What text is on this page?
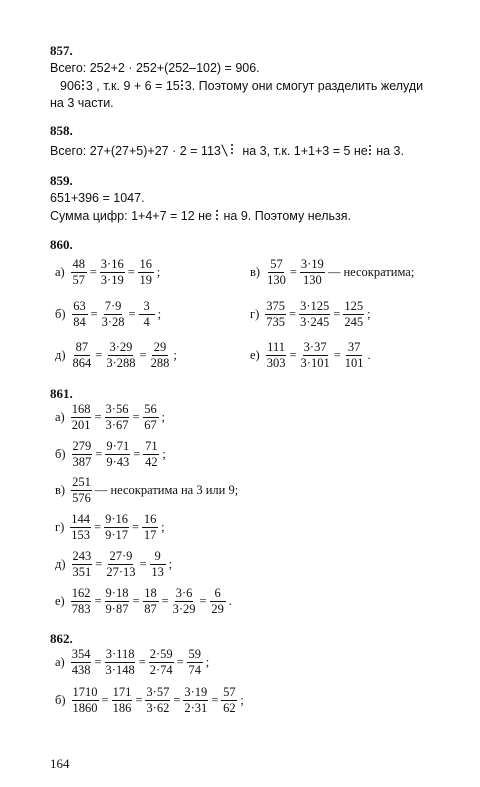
857.
Всего: 252+2 · 252+(252–102) = 906.
906 3 , т.к. 9 + 6 = 15 3. Поэтому они смогут разделить желуди
на 3 части.
858.
Всего: 27+(27+5)+27 · 2 = 113
на 3, т.к. 1+1+3 = 5 не
на 3.
859.
651+396 = 1047.
Сумма цифр: 1+4+7 = 12 не
на 9. Поэтому нельзя.
860.
$а) \frac{48}{57} = \frac{3\cdot 16}{3\cdot 19} = \frac{16}{19}$ ;
$б) \frac{63}{84} = \frac{7\cdot 9}{3\cdot 28} = \frac{3}{4}$ ;
$д) \frac{87}{864} = \frac{3\cdot 29}{3\cdot 288} = \frac{29}{288}$ ;
$в) \frac{57}{130} = \frac{3\cdot 19}{130}$ — несократима;
$г) \frac{375}{735} = \frac{3\cdot 125}{3\cdot 245} = \frac{125}{245}$ ;
$е) \frac{111}{303} = \frac{3\cdot 37}{3\cdot 101} = \frac{37}{101}$ .
861.
$а) \frac{168}{201} = \frac{3\cdot 56}{3\cdot 67} = \frac{56}{67}$ ;
$б) \frac{279}{387} = \frac{9\cdot 71}{9\cdot 43} = \frac{71}{42}$ ;
$в) \frac{251}{576}$ — несократима на 3 или 9;
$г) \frac{144}{153} = \frac{9\cdot 16}{9\cdot 17} = \frac{16}{17}$ ;
$д) \frac{243}{351} = \frac{27\cdot 9}{27\cdot 13} = \frac{9}{13}$ ;
$е) \frac{162}{783} = \frac{9\cdot 18}{9\cdot 87} = \frac{18}{87} = \frac{3\cdot 6}{3\cdot 29} = \frac{6}{29}$ .
862.
$а) \frac{354}{438} = \frac{3\cdot 118}{3\cdot 148} = \frac{2\cdot 59}{2\cdot 74} = \frac{59}{74}$ ;
$б) \frac{1710}{1860} = \frac{171}{186} = \frac{3\cdot 57}{3\cdot 62} = \frac{3\cdot 19}{2\cdot 31} = \frac{57}{62}$ ;
164
